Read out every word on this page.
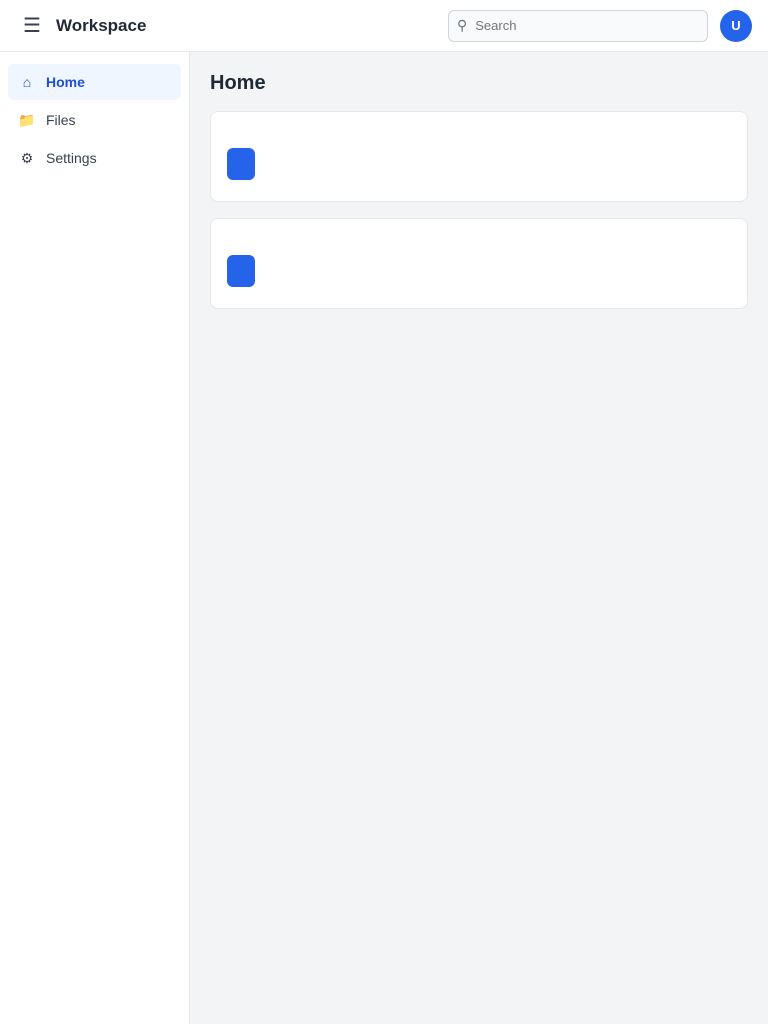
☰ Workspace	⚲
Search	U
⌂	Home
📁 Files
⚙ Settings
Home
